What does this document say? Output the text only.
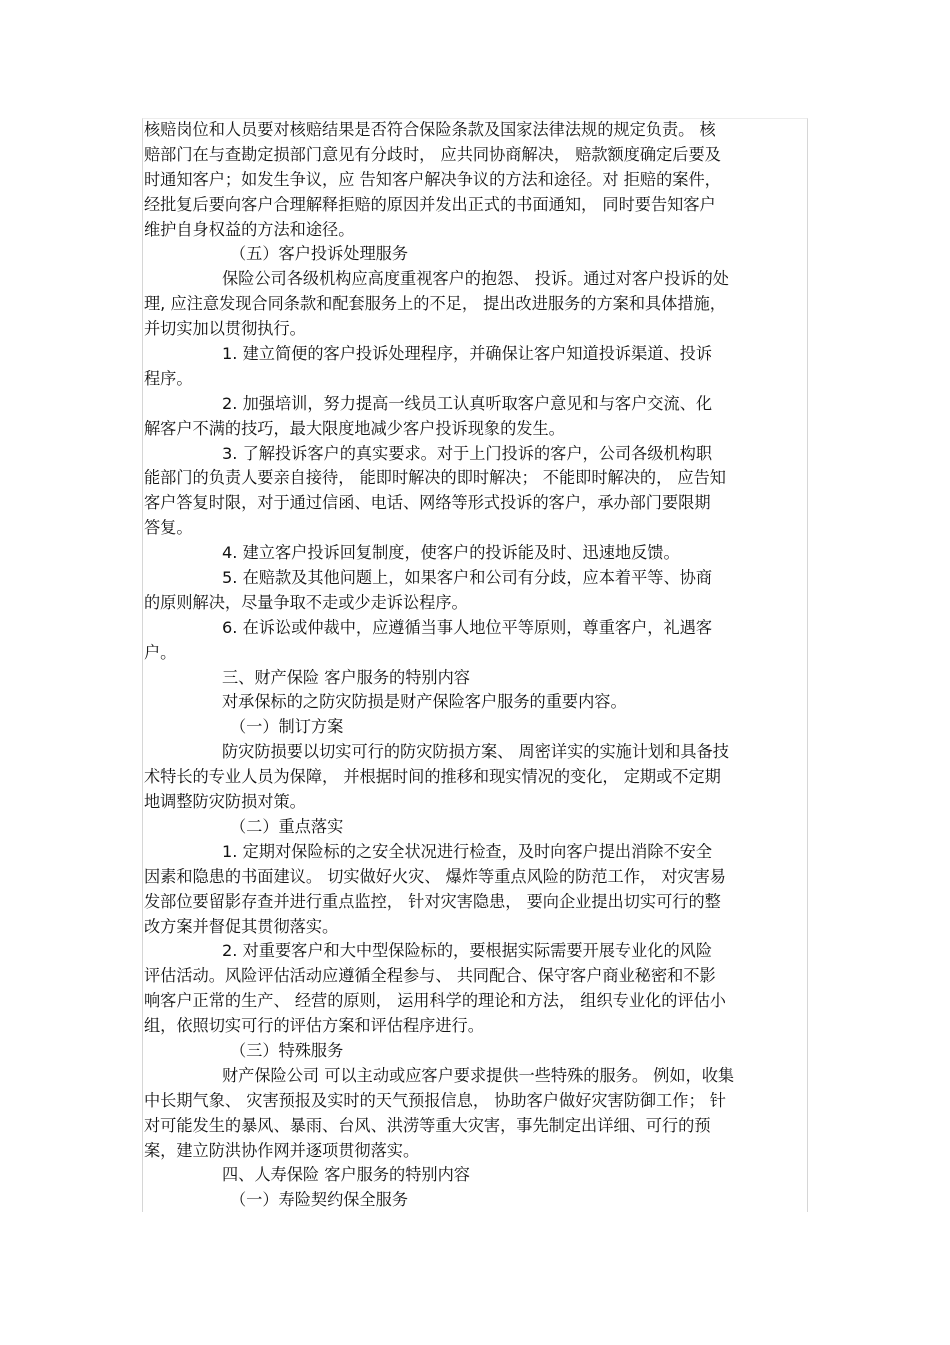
核赔岗位和人员要对核赔结果是否符合保险条款及国家法律法规的规定负责。 核
赔部门在与查勘定损部门意见有分歧时， 应共同协商解决， 赔款额度确定后要及
时通知客户；如发生争议，应 告知客户解决争议的方法和途径。对 拒赔的案件，
经批复后要向客户合理解释拒赔的原因并发出正式的书面通知， 同时要告知客户
维护自身权益的方法和途径。
（五）客户投诉处理服务
保险公司各级机构应高度重视客户的抱怨、 投诉。通过对客户投诉的处
理, 应注意发现合同条款和配套服务上的不足， 提出改进服务的方案和具体措施，
并切实加以贯彻执行。
1. 建立简便的客户投诉处理程序，并确保让客户知道投诉渠道、投诉
程序。
2. 加强培训，努力提高一线员工认真听取客户意见和与客户交流、化
解客户不满的技巧，最大限度地减少客户投诉现象的发生。
3. 了解投诉客户的真实要求。对于上门投诉的客户，公司各级机构职
能部门的负责人要亲自接待， 能即时解决的即时解决； 不能即时解决的， 应告知
客户答复时限，对于通过信函、电话、网络等形式投诉的客户，承办部门要限期
答复。
4. 建立客户投诉回复制度，使客户的投诉能及时、迅速地反馈。
5. 在赔款及其他问题上，如果客户和公司有分歧，应本着平等、协商
的原则解决，尽量争取不走或少走诉讼程序。
6. 在诉讼或仲裁中，应遵循当事人地位平等原则，尊重客户，礼遇客
户。
三、财产保险 客户服务的特别内容
对承保标的之防灾防损是财产保险客户服务的重要内容。
（一）制订方案
防灾防损要以切实可行的防灾防损方案、 周密详实的实施计划和具备技
术特长的专业人员为保障， 并根据时间的推移和现实情况的变化， 定期或不定期
地调整防灾防损对策。
（二）重点落实
1. 定期对保险标的之安全状况进行检查，及时向客户提出消除不安全
因素和隐患的书面建议。 切实做好火灾、 爆炸等重点风险的防范工作， 对灾害易
发部位要留影存查并进行重点监控， 针对灾害隐患， 要向企业提出切实可行的整
改方案并督促其贯彻落实。
2. 对重要客户和大中型保险标的，要根据实际需要开展专业化的风险
评估活动。风险评估活动应遵循全程参与、 共同配合、保守客户商业秘密和不影
响客户正常的生产、 经营的原则， 运用科学的理论和方法， 组织专业化的评估小
组，依照切实可行的评估方案和评估程序进行。
（三）特殊服务
财产保险公司 可以主动或应客户要求提供一些特殊的服务。 例如，收集
中长期气象、 灾害预报及实时的天气预报信息， 协助客户做好灾害防御工作； 针
对可能发生的暴风、暴雨、台风、洪涝等重大灾害，事先制定出详细、可行的预
案，建立防洪协作网并逐项贯彻落实。
四、人寿保险 客户服务的特别内容
（一）寿险契约保全服务
